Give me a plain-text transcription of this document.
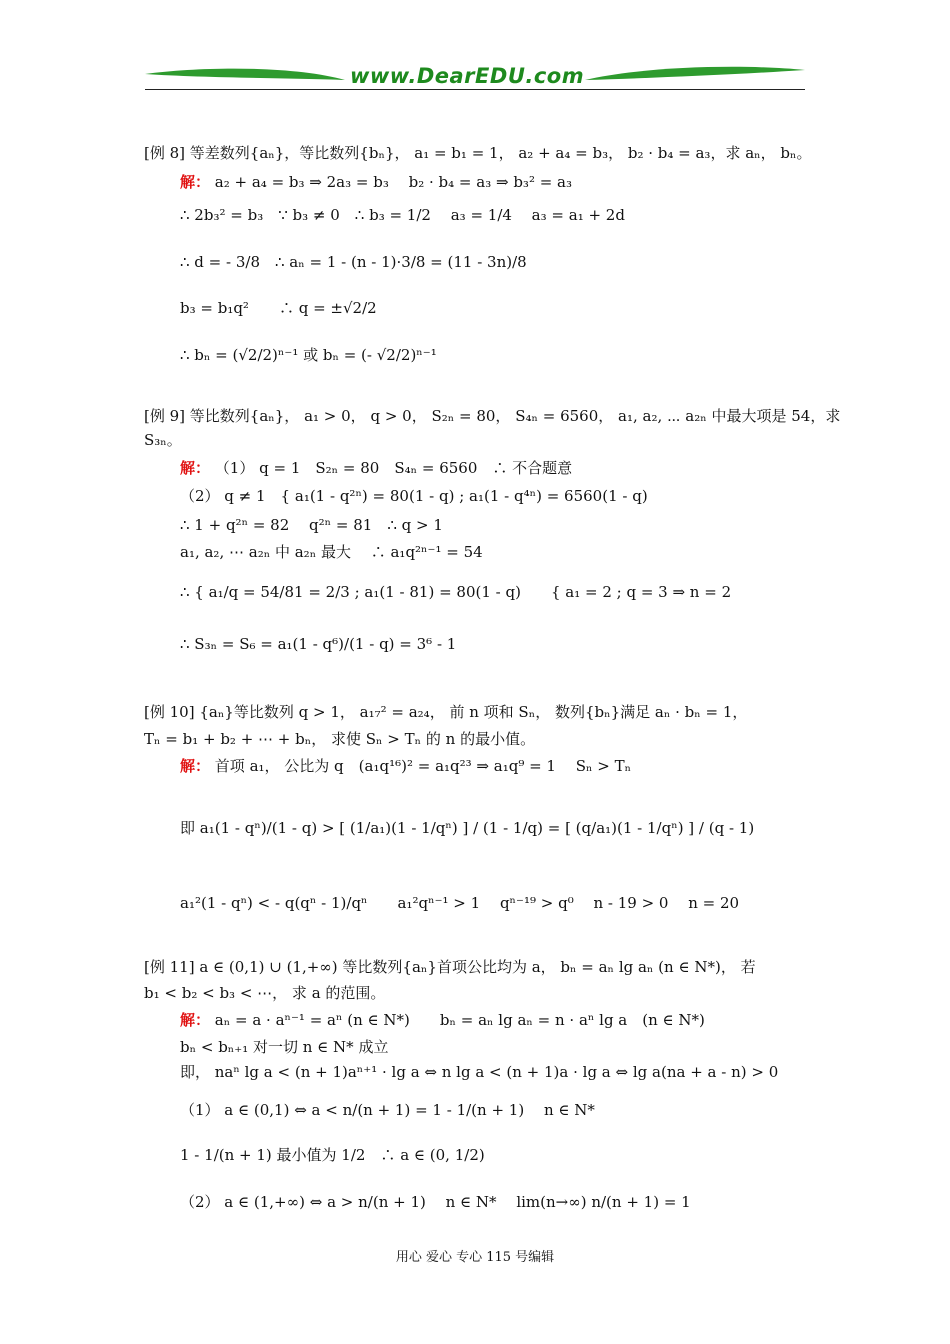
www.DearEDU.com
[例 8] 等差数列{aₙ}，等比数列{bₙ}， a₁ = b₁ = 1， a₂ + a₄ = b₃， b₂ · b₄ = a₃，求 aₙ， bₙ。
解： a₂ + a₄ = b₃ ⇒ 2a₃ = b₃　 b₂ · b₄ = a₃ ⇒ b₃² = a₃
∴ 2b₃² = b₃　∵ b₃ ≠ 0　∴ b₃ = 1/2　 a₃ = 1/4　 a₃ = a₁ + 2d
∴ d = - 3/8　∴ aₙ = 1 - (n - 1)·3/8 = (11 - 3n)/8
b₃ = b₁q²　　∴ q = ±√2/2
∴ bₙ = (√2/2)ⁿ⁻¹ 或 bₙ = (- √2/2)ⁿ⁻¹
[例 9] 等比数列{aₙ}， a₁ > 0， q > 0， S₂ₙ = 80， S₄ₙ = 6560， a₁, a₂, ⋯ a₂ₙ 中最大项是 54，求
S₃ₙ。
解： （1） q = 1　S₂ₙ = 80　S₄ₙ = 6560　∴ 不合题意
（2） q ≠ 1　{ a₁(1 - q²ⁿ) = 80(1 - q) ; a₁(1 - q⁴ⁿ) = 6560(1 - q)
∴ 1 + q²ⁿ = 82　 q²ⁿ = 81　∴ q > 1
a₁, a₂, ⋯ a₂ₙ 中 a₂ₙ 最大　 ∴ a₁q²ⁿ⁻¹ = 54
∴ { a₁/q = 54/81 = 2/3 ; a₁(1 - 81) = 80(1 - q)　　{ a₁ = 2 ; q = 3 ⇒ n = 2
∴ S₃ₙ = S₆ = a₁(1 - q⁶)/(1 - q) = 3⁶ - 1
[例 10] {aₙ}等比数列 q > 1， a₁₇² = a₂₄， 前 n 项和 Sₙ， 数列{bₙ}满足 aₙ · bₙ = 1，
Tₙ = b₁ + b₂ + ⋯ + bₙ， 求使 Sₙ > Tₙ 的 n 的最小值。
解： 首项 a₁， 公比为 q　(a₁q¹⁶)² = a₁q²³ ⇒ a₁q⁹ = 1　 Sₙ > Tₙ
即 a₁(1 - qⁿ)/(1 - q) > [ (1/a₁)(1 - 1/qⁿ) ] / (1 - 1/q) = [ (q/a₁)(1 - 1/qⁿ) ] / (q - 1)
a₁²(1 - qⁿ) < - q(qⁿ - 1)/qⁿ　　a₁²qⁿ⁻¹ > 1　 qⁿ⁻¹⁹ > q⁰　 n - 19 > 0　 n = 20
[例 11] a ∈ (0,1) ∪ (1,+∞) 等比数列{aₙ}首项公比均为 a， bₙ = aₙ lg aₙ (n ∈ N*)， 若
b₁ < b₂ < b₃ < ⋯， 求 a 的范围。
解： aₙ = a · aⁿ⁻¹ = aⁿ (n ∈ N*)　　bₙ = aₙ lg aₙ = n · aⁿ lg a　(n ∈ N*)
bₙ < bₙ₊₁ 对一切 n ∈ N* 成立
即， naⁿ lg a < (n + 1)aⁿ⁺¹ · lg a ⇔ n lg a < (n + 1)a · lg a ⇔ lg a(na + a - n) > 0
（1） a ∈ (0,1) ⇔ a < n/(n + 1) = 1 - 1/(n + 1)　 n ∈ N*
1 - 1/(n + 1) 最小值为 1/2　∴ a ∈ (0, 1/2)
（2） a ∈ (1,+∞) ⇔ a > n/(n + 1)　 n ∈ N*　 lim(n→∞) n/(n + 1) = 1
用心 爱心 专心 115 号编辑
